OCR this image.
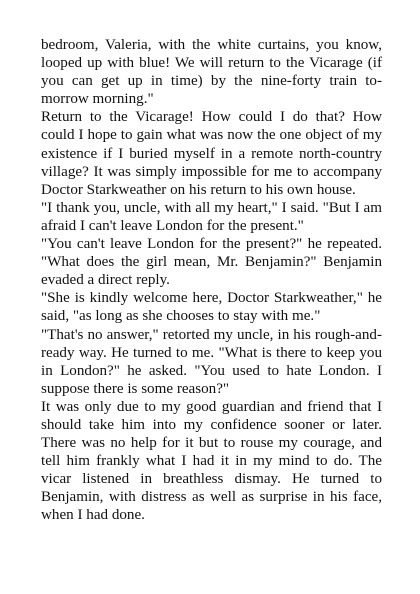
bedroom, Valeria, with the white curtains, you know, looped up with blue! We will return to the Vicarage (if you can get up in time) by the nine-forty train to-morrow morning."

Return to the Vicarage! How could I do that? How could I hope to gain what was now the one object of my existence if I buried myself in a remote north-country village? It was simply impossible for me to accompany Doctor Starkweather on his return to his own house.

"I thank you, uncle, with all my heart," I said. "But I am afraid I can't leave London for the present."

"You can't leave London for the present?" he repeated. "What does the girl mean, Mr. Benjamin?" Benjamin evaded a direct reply.

"She is kindly welcome here, Doctor Starkweather," he said, "as long as she chooses to stay with me."

"That's no answer," retorted my uncle, in his rough-and-ready way. He turned to me. "What is there to keep you in London?" he asked. "You used to hate London. I suppose there is some reason?"

It was only due to my good guardian and friend that I should take him into my confidence sooner or later. There was no help for it but to rouse my courage, and tell him frankly what I had it in my mind to do. The vicar listened in breathless dismay. He turned to Benjamin, with distress as well as surprise in his face, when I had done.
